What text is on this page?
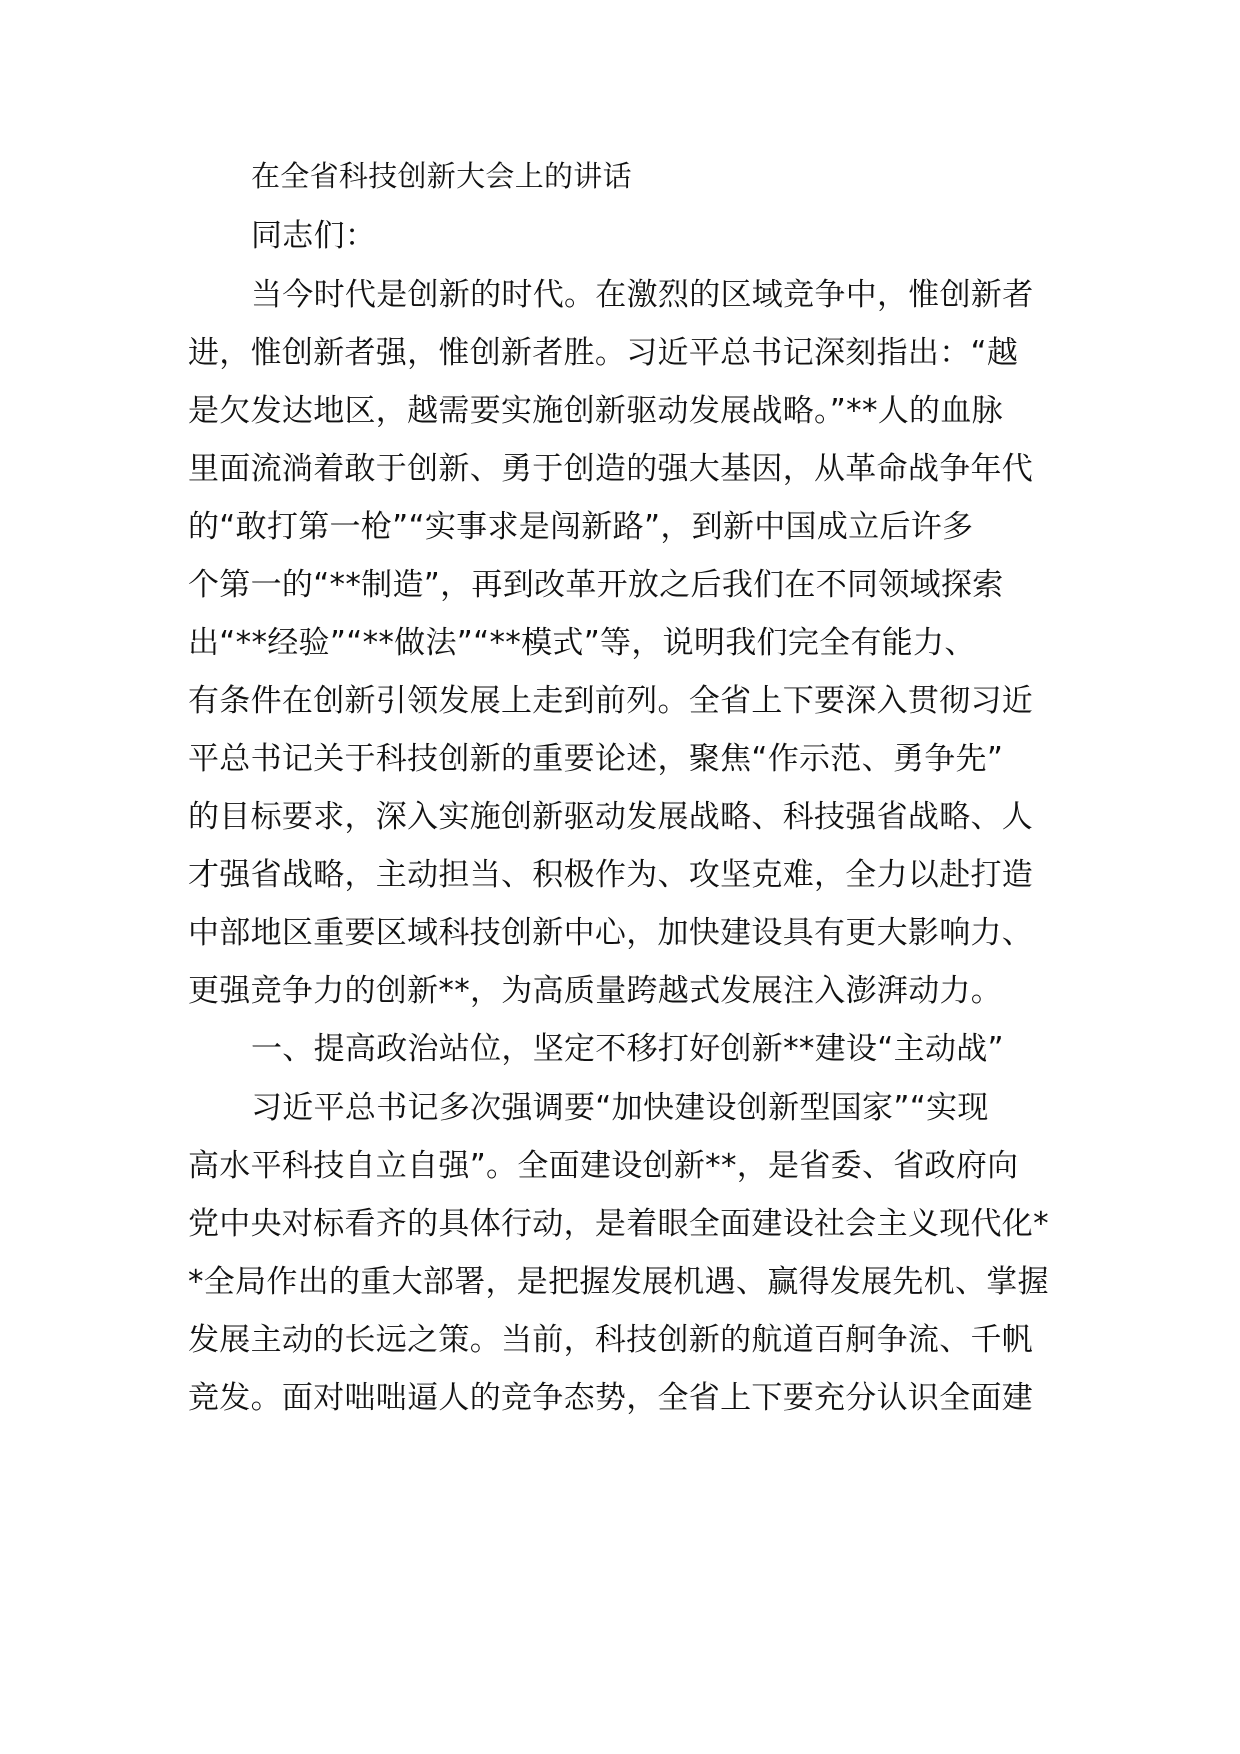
在全省科技创新大会上的讲话
同志们：
当今时代是创新的时代。在激烈的区域竞争中，惟创新者
进，惟创新者强，惟创新者胜。习近平总书记深刻指出：“越
是欠发达地区，越需要实施创新驱动发展战略。”**人的血脉
里面流淌着敢于创新、勇于创造的强大基因，从革命战争年代
的“敢打第一枪”“实事求是闯新路”，到新中国成立后许多
个第一的“**制造”，再到改革开放之后我们在不同领域探索
出“**经验”“**做法”“**模式”等，说明我们完全有能力、
有条件在创新引领发展上走到前列。全省上下要深入贯彻习近
平总书记关于科技创新的重要论述，聚焦“作示范、勇争先”
的目标要求，深入实施创新驱动发展战略、科技强省战略、人
才强省战略，主动担当、积极作为、攻坚克难，全力以赴打造
中部地区重要区域科技创新中心，加快建设具有更大影响力、
更强竞争力的创新**，为高质量跨越式发展注入澎湃动力。
一、提高政治站位，坚定不移打好创新**建设“主动战”
习近平总书记多次强调要“加快建设创新型国家”“实现
高水平科技自立自强”。全面建设创新**，是省委、省政府向
党中央对标看齐的具体行动，是着眼全面建设社会主义现代化*
*全局作出的重大部署，是把握发展机遇、赢得发展先机、掌握
发展主动的长远之策。当前，科技创新的航道百舸争流、千帆
竞发。面对咄咄逼人的竞争态势，全省上下要充分认识全面建
